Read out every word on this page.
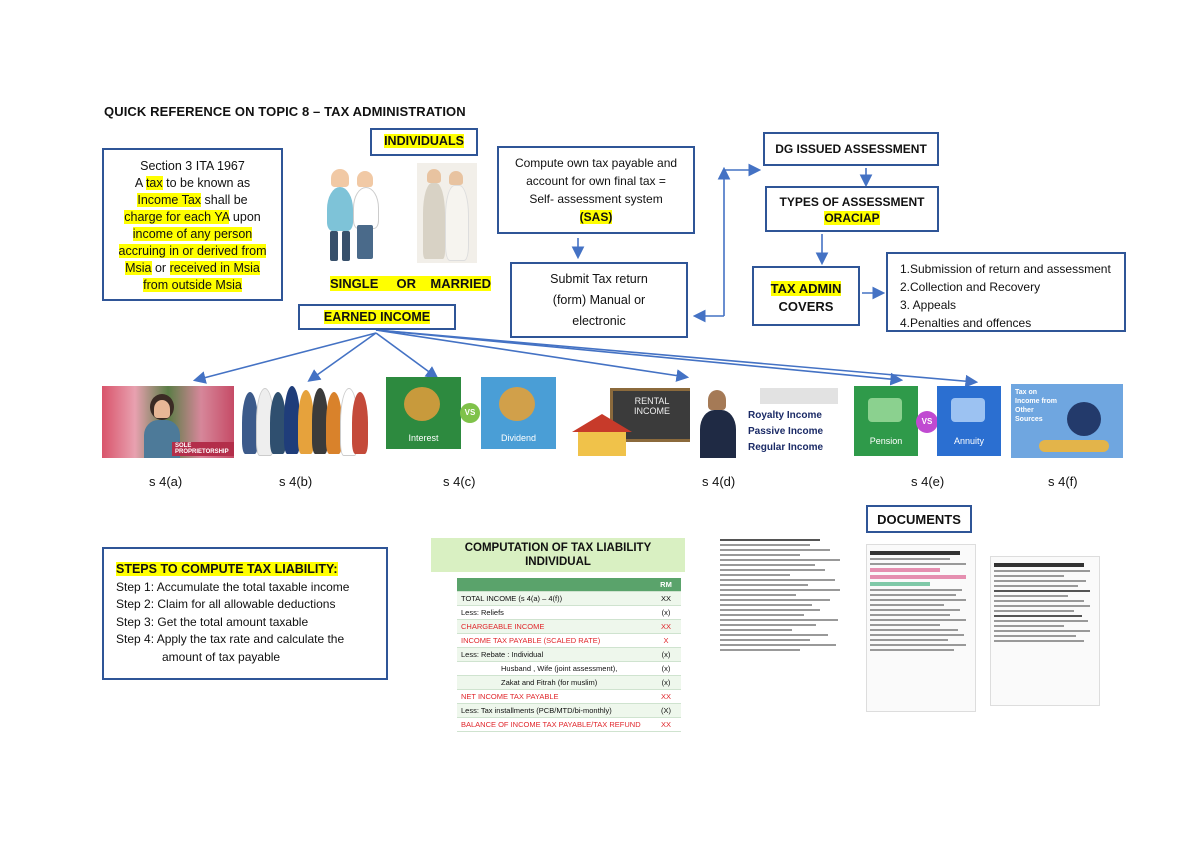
QUICK REFERENCE ON TOPIC 8 – TAX ADMINISTRATION
Section 3 ITA 1967
A tax to be known as
Income Tax shall be
charge for each YA upon
income of any person
accruing in or derived from
Msia or received in Msia
from outside Msia
INDIVIDUALS
SINGLE     OR    MARRIED
EARNED INCOME
Compute own tax payable and
account for own final tax =
Self- assessment system
(SAS)
Submit Tax return
(form) Manual or
electronic
DG ISSUED ASSESSMENT
TYPES OF ASSESSMENT
ORACIAP
TAX ADMIN
COVERS
1.Submission of return and assessment
2.Collection and Recovery
3. Appeals
4.Penalties and offences
SOLE PROPRIETORSHIP
Interest
VS
Dividend
RENTAL INCOME	Royalty Income
Passive Income
Regular Income
Pension
VS
Annuity
Tax on Income from Other Sources
s 4(a)	s 4(b)	s 4(c)	s 4(d)	s 4(e)	s 4(f)
DOCUMENTS
STEPS TO COMPUTE TAX LIABILITY:
Step 1: Accumulate the total taxable income
Step 2: Claim for all allowable deductions
Step 3: Get the total amount taxable
Step 4: Apply the tax rate and calculate the
amount of tax payable
COMPUTATION OF TAX LIABILITY
INDIVIDUAL
RM
TOTAL INCOME (s 4(a) – 4(f))	XX
Less: Reliefs	(x)
CHARGEABLE INCOME	XX
INCOME TAX PAYABLE (SCALED RATE)	X
Less: Rebate : Individual	(x)
Husband , Wife (joint assessment),	(x)
Zakat and Fitrah (for muslim)	(x)
NET INCOME TAX PAYABLE	XX
Less: Tax installments (PCB/MTD/bi-monthly)	(X)
BALANCE OF INCOME TAX PAYABLE/TAX REFUND	XX
